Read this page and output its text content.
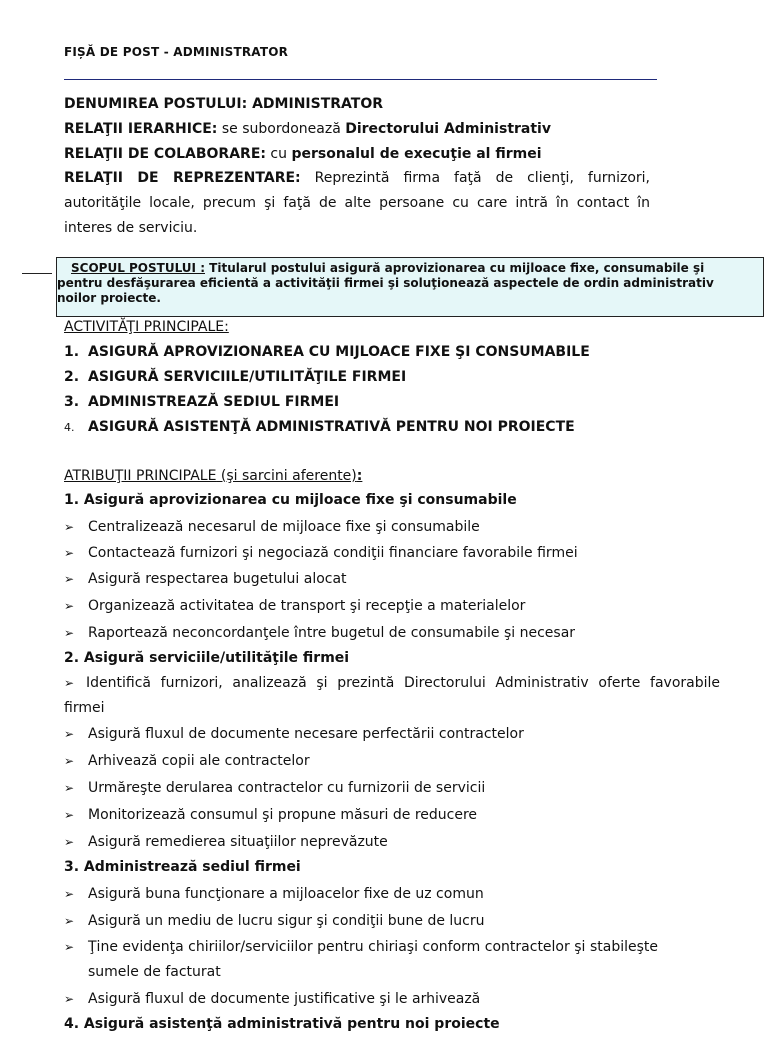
FIȘĂ DE POST - ADMINISTRATOR
DENUMIREA POSTULUI: ADMINISTRATOR
RELAŢII IERARHICE: se subordonează Directorului Administrativ
RELAŢII DE COLABORARE: cu personalul de execuţie al firmei
RELAŢII DE REPREZENTARE: Reprezintă firma faţă de clienţi, furnizori, autorităţile locale, precum şi faţă de alte persoane cu care intră în contact în interes de serviciu.
SCOPUL POSTULUI : Titularul postului asigură aprovizionarea cu mijloace fixe, consumabile şi
pentru desfăşurarea eficientă a activităţii firmei şi soluţionează aspectele de ordin administrativ
noilor proiecte.
ACTIVITĂŢI PRINCIPALE:
1. ASIGURĂ APROVIZIONAREA CU MIJLOACE FIXE ŞI CONSUMABILE
2. ASIGURĂ SERVICIILE/UTILITĂŢILE FIRMEI
3. ADMINISTREAZĂ SEDIUL FIRMEI
4. ASIGURĂ ASISTENŢĂ ADMINISTRATIVĂ PENTRU NOI PROIECTE
ATRIBUŢII PRINCIPALE (şi sarcini aferente):
1. Asigură aprovizionarea cu mijloace fixe şi consumabile
➢ Centralizează necesarul de mijloace fixe şi consumabile
➢ Contactează furnizori şi negociază condiţii financiare favorabile firmei
➢ Asigură respectarea bugetului alocat
➢ Organizează activitatea de transport şi recepţie a materialelor
➢ Raportează neconcordanţele între bugetul de consumabile şi necesar
2. Asigură serviciile/utilităţile firmei
➢ Identifică furnizori, analizează şi prezintă Directorului Administrativ oferte favorabile firmei
➢ Asigură fluxul de documente necesare perfectării contractelor
➢ Arhivează copii ale contractelor
➢ Urmăreşte derularea contractelor cu furnizorii de servicii
➢ Monitorizează consumul şi propune măsuri de reducere
➢ Asigură remedierea situaţiilor neprevăzute
3. Administrează sediul firmei
➢ Asigură buna funcţionare a mijloacelor fixe de uz comun
➢ Asigură un mediu de lucru sigur şi condiţii bune de lucru
➢ Ţine evidenţa chiriilor/serviciilor pentru chiriaşi conform contractelor şi stabileşte sumele de facturat
➢ Asigură fluxul de documente justificative şi le arhivează
4. Asigură asistenţă administrativă pentru noi proiecte
